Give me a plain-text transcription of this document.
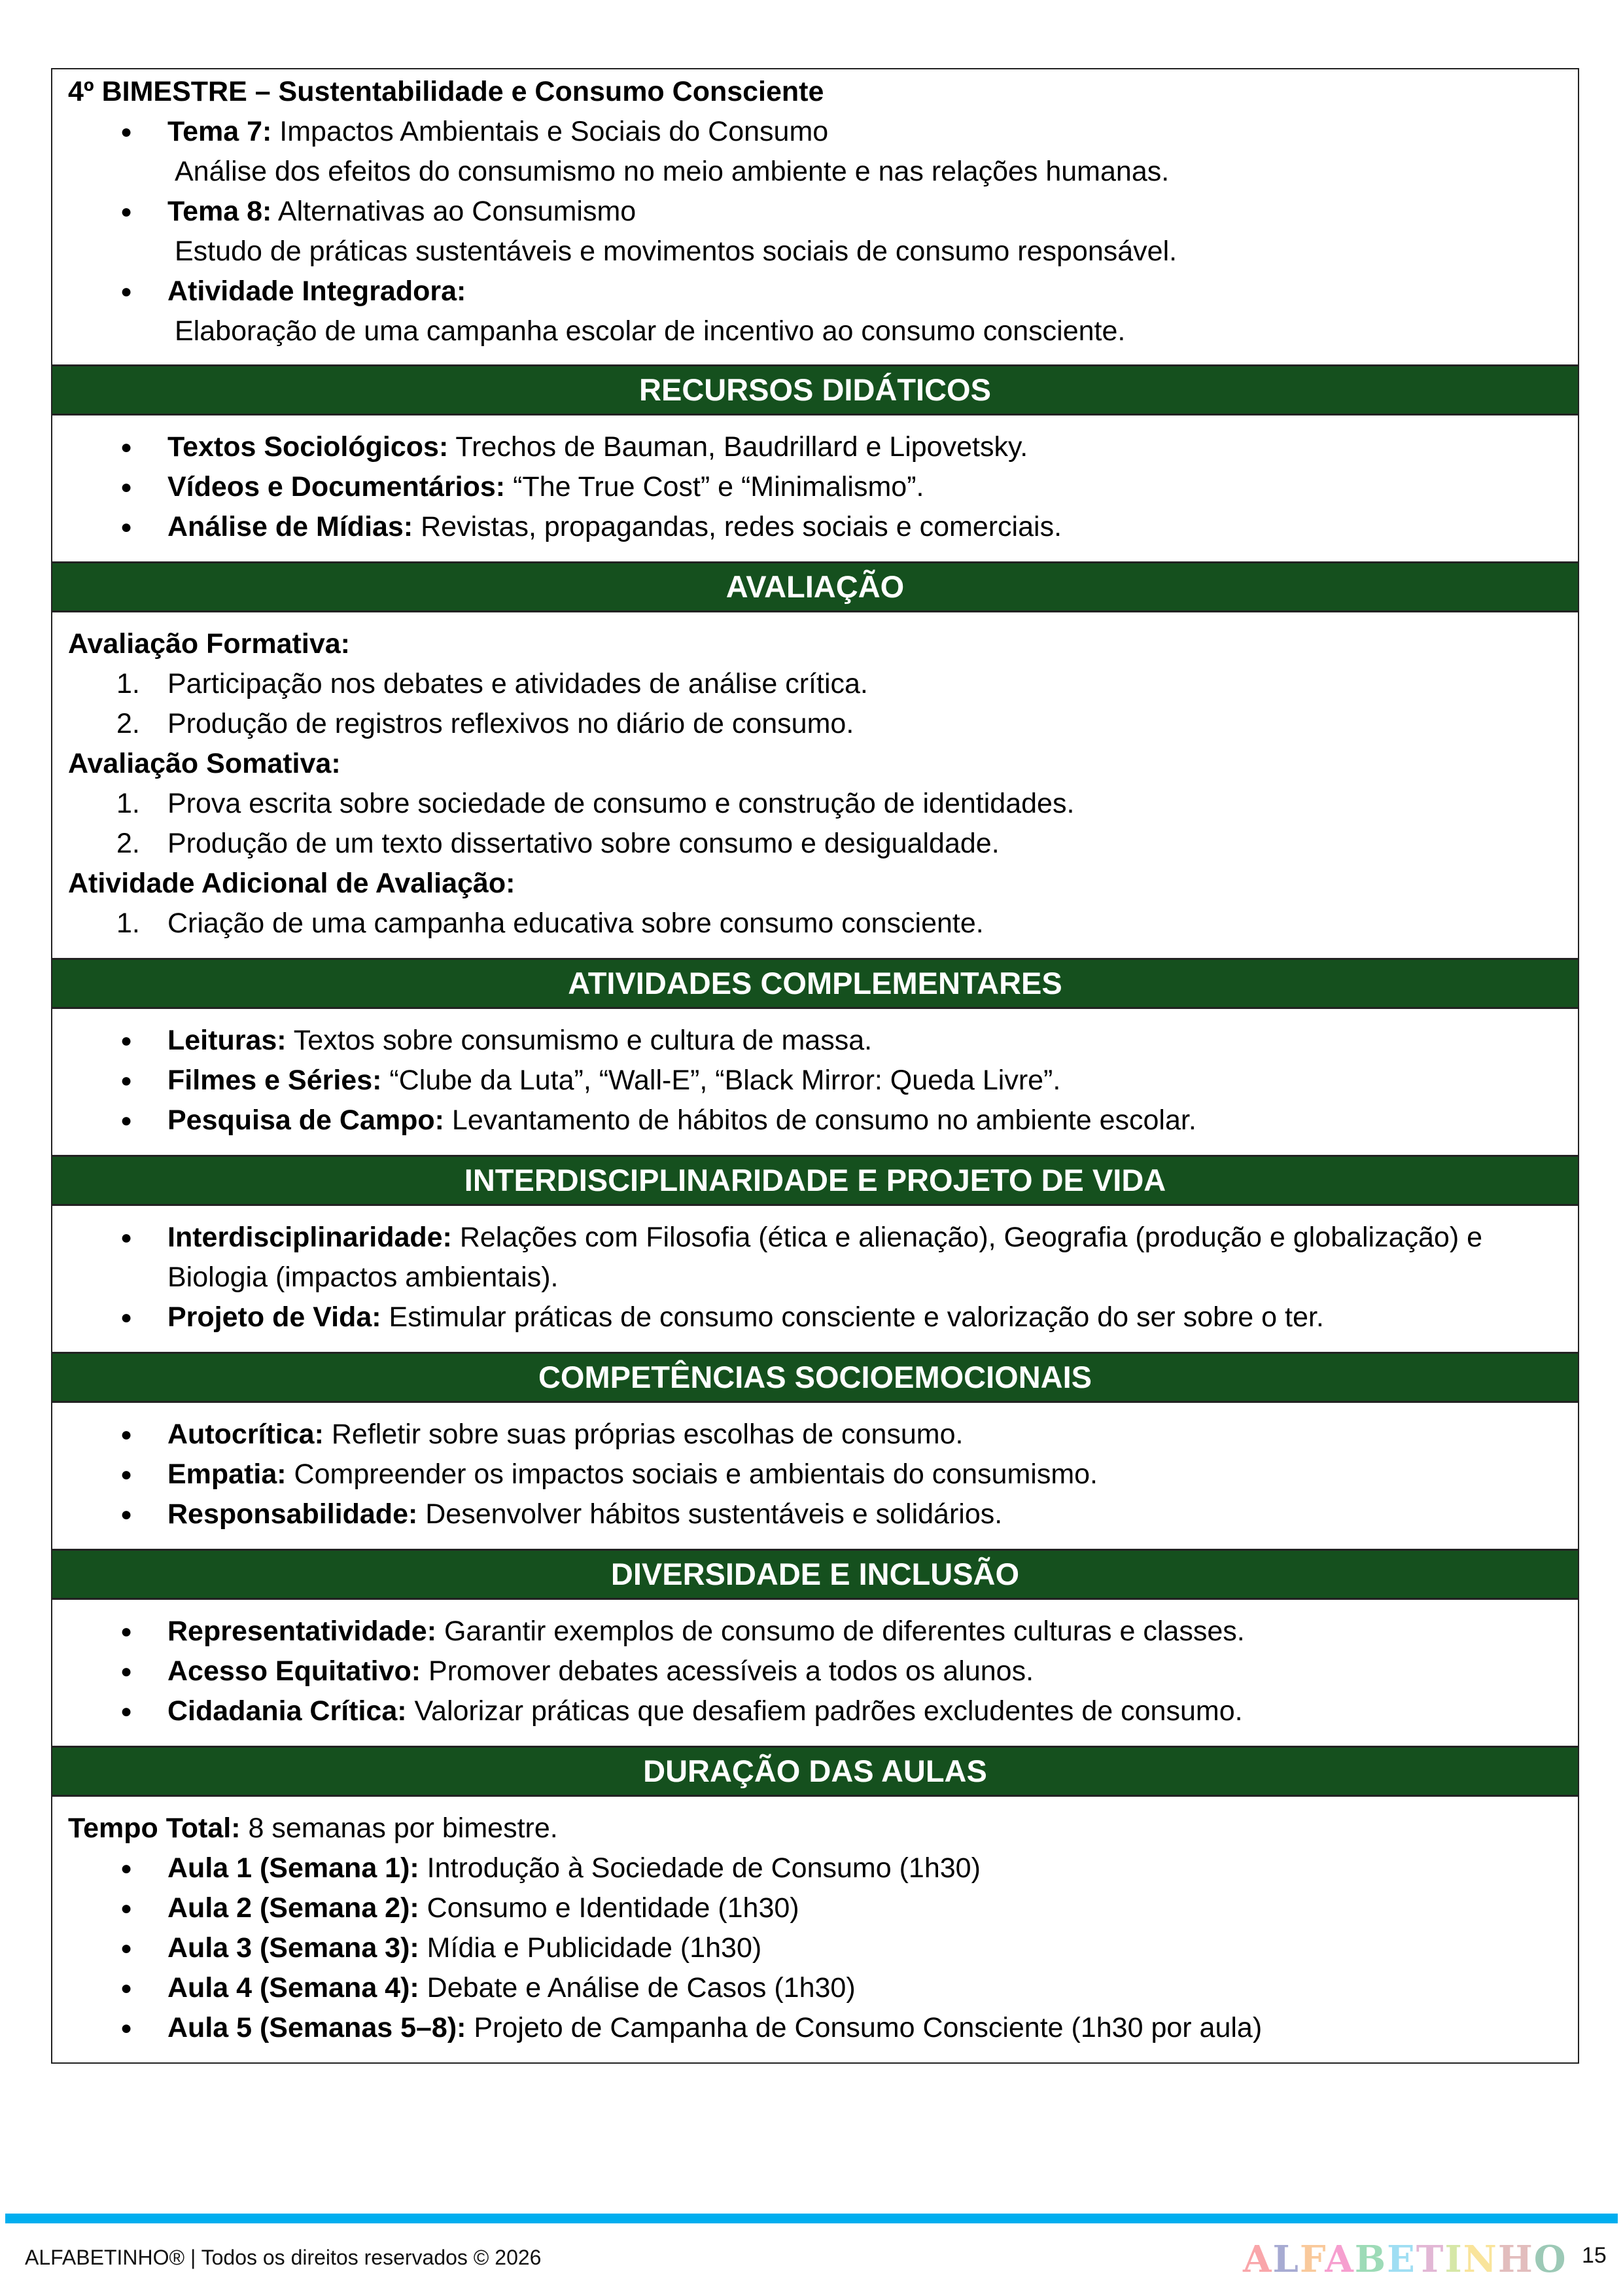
4º BIMESTRE – Sustentabilidade e Consumo Consciente
● Tema 7: Impactos Ambientais e Sociais do Consumo
Análise dos efeitos do consumismo no meio ambiente e nas relações humanas.
● Tema 8: Alternativas ao Consumismo
Estudo de práticas sustentáveis e movimentos sociais de consumo responsável.
● Atividade Integradora:
Elaboração de uma campanha escolar de incentivo ao consumo consciente.
RECURSOS DIDÁTICOS
● Textos Sociológicos: Trechos de Bauman, Baudrillard e Lipovetsky.
● Vídeos e Documentários: “The True Cost” e “Minimalismo”.
● Análise de Mídias: Revistas, propagandas, redes sociais e comerciais.
AVALIAÇÃO
Avaliação Formativa:
1. Participação nos debates e atividades de análise crítica.
2. Produção de registros reflexivos no diário de consumo.
Avaliação Somativa:
1. Prova escrita sobre sociedade de consumo e construção de identidades.
2. Produção de um texto dissertativo sobre consumo e desigualdade.
Atividade Adicional de Avaliação:
1. Criação de uma campanha educativa sobre consumo consciente.
ATIVIDADES COMPLEMENTARES
● Leituras: Textos sobre consumismo e cultura de massa.
● Filmes e Séries: “Clube da Luta”, “Wall-E”, “Black Mirror: Queda Livre”.
● Pesquisa de Campo: Levantamento de hábitos de consumo no ambiente escolar.
INTERDISCIPLINARIDADE E PROJETO DE VIDA
● Interdisciplinaridade: Relações com Filosofia (ética e alienação), Geografia (produção e globalização) e Biologia (impactos ambientais).
● Projeto de Vida: Estimular práticas de consumo consciente e valorização do ser sobre o ter.
COMPETÊNCIAS SOCIOEMOCIONAIS
● Autocrítica: Refletir sobre suas próprias escolhas de consumo.
● Empatia: Compreender os impactos sociais e ambientais do consumismo.
● Responsabilidade: Desenvolver hábitos sustentáveis e solidários.
DIVERSIDADE E INCLUSÃO
● Representatividade: Garantir exemplos de consumo de diferentes culturas e classes.
● Acesso Equitativo: Promover debates acessíveis a todos os alunos.
● Cidadania Crítica: Valorizar práticas que desafiem padrões excludentes de consumo.
DURAÇÃO DAS AULAS
Tempo Total: 8 semanas por bimestre.
● Aula 1 (Semana 1): Introdução à Sociedade de Consumo (1h30)
● Aula 2 (Semana 2): Consumo e Identidade (1h30)
● Aula 3 (Semana 3): Mídia e Publicidade (1h30)
● Aula 4 (Semana 4): Debate e Análise de Casos (1h30)
● Aula 5 (Semanas 5–8): Projeto de Campanha de Consumo Consciente (1h30 por aula)
ALFABETINHO® | Todos os direitos reservados © 2026	ALFABETINHO 15
